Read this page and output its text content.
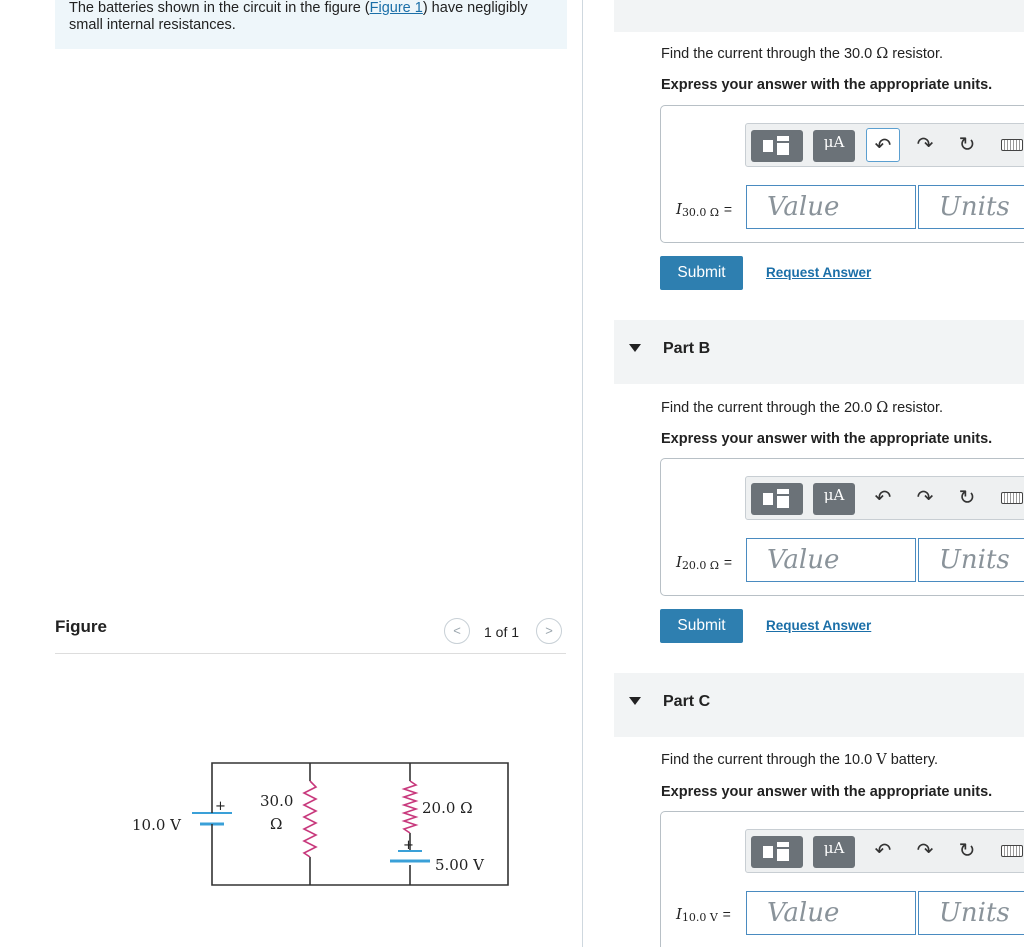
The batteries shown in the circuit in the figure (Figure 1) have negligibly small internal resistances.
Figure	<	1 of 1	>
10.0 V
+ 30.0
Ω
20.0 Ω
+
5.00 V
Find the current through the 30.0 Ω resistor.
Express your answer with the appropriate units.
μA	↶	↷	↻
$I_{30.0 \Omega}$ =	Value	Units
Submit	Request Answer
Part B
Find the current through the 20.0 Ω resistor.
Express your answer with the appropriate units.
μA	↶	↷	↻
$I_{20.0 \Omega}$ =	Value	Units
Submit	Request Answer
Part C
Find the current through the 10.0 V battery.
Express your answer with the appropriate units.
μA	↶	↷	↻
$I_{10.0 V}$ =	Value	Units
